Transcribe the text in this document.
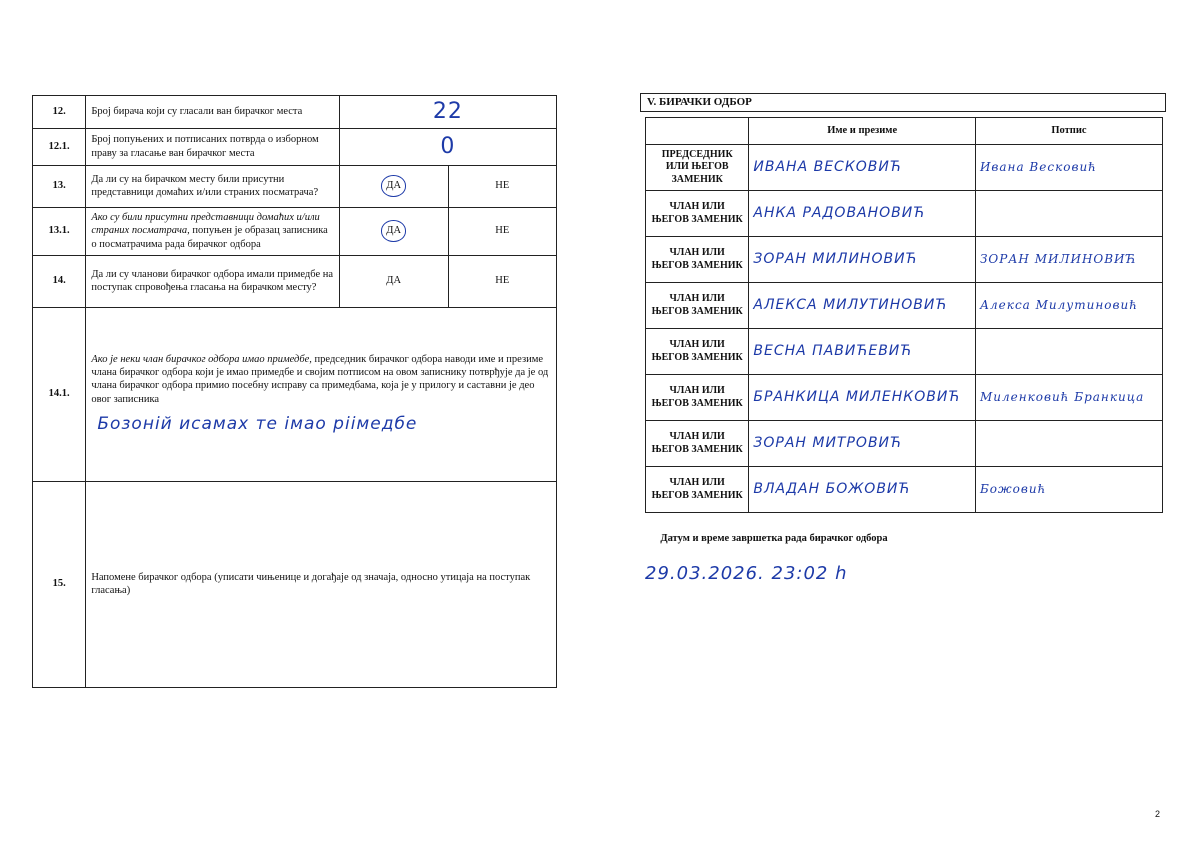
12.	Број бирача који су гласали ван бирачког места	22	
12.1.	Број попуњених и потписаних потврда о изборном праву за гласање ван бирачког места	0	
13.	Да ли су на бирачком месту били присутни представници домаћих и/или страних посматрача?	ДА	НЕ
13.1.	Ако су били присутни представници домаћих и/или страних посматрача, попуњен је образац записника о посматрачима рада бирачког одбора	ДА	НЕ
14.	Да ли су чланови бирачког одбора имали примедбе на поступак спровођења гласања на бирачком месту?	ДА	НЕ
14.1.	Ако је неки члан бирачког одбора имао примедбе, председник бирачког одбора наводи име и презиме члана бирачког одбора који је имао примедбе и својим потписом на овом записнику потврђује да је од члана бирачког одбора примио посебну исправу са примедбама, која је у прилогу и саставни је део овог записника
Бозоній исамах те імао ріімедбе		

15.	Напомене бирачког одбора (уписати чињенице и догађаје од значаја, односно утицаја на поступак гласања)		
V. БИРАЧКИ ОДБОР
	Име и презиме	Потпис
ПРЕДСЕДНИК ИЛИ ЊЕГОВ ЗАМЕНИК	ИВАНА ВЕСКОВИЋ	Ивана Весковић
ЧЛАН ИЛИ ЊЕГОВ ЗАМЕНИК	АНКА РАДОВАНОВИЋ	
ЧЛАН ИЛИ ЊЕГОВ ЗАМЕНИК	ЗОРАН МИЛИНОВИЋ	ЗОРАН МИЛИНОВИЋ
ЧЛАН ИЛИ ЊЕГОВ ЗАМЕНИК	АЛЕКСА МИЛУТИНОВИЋ	Алекса Милутиновић
ЧЛАН ИЛИ ЊЕГОВ ЗАМЕНИК	ВЕСНА ПАВИЋЕВИЋ	
ЧЛАН ИЛИ ЊЕГОВ ЗАМЕНИК	БРАНКИЦА МИЛЕНКОВИЋ	Миленковић Бранкица
ЧЛАН ИЛИ ЊЕГОВ ЗАМЕНИК	ЗОРАН МИТРОВИЋ	
ЧЛАН ИЛИ ЊЕГОВ ЗАМЕНИК	ВЛАДАН БОЖОВИЋ	Божовић
Датум и време завршетка рада бирачког одбора
29.03.2026. 23:02 h
2
